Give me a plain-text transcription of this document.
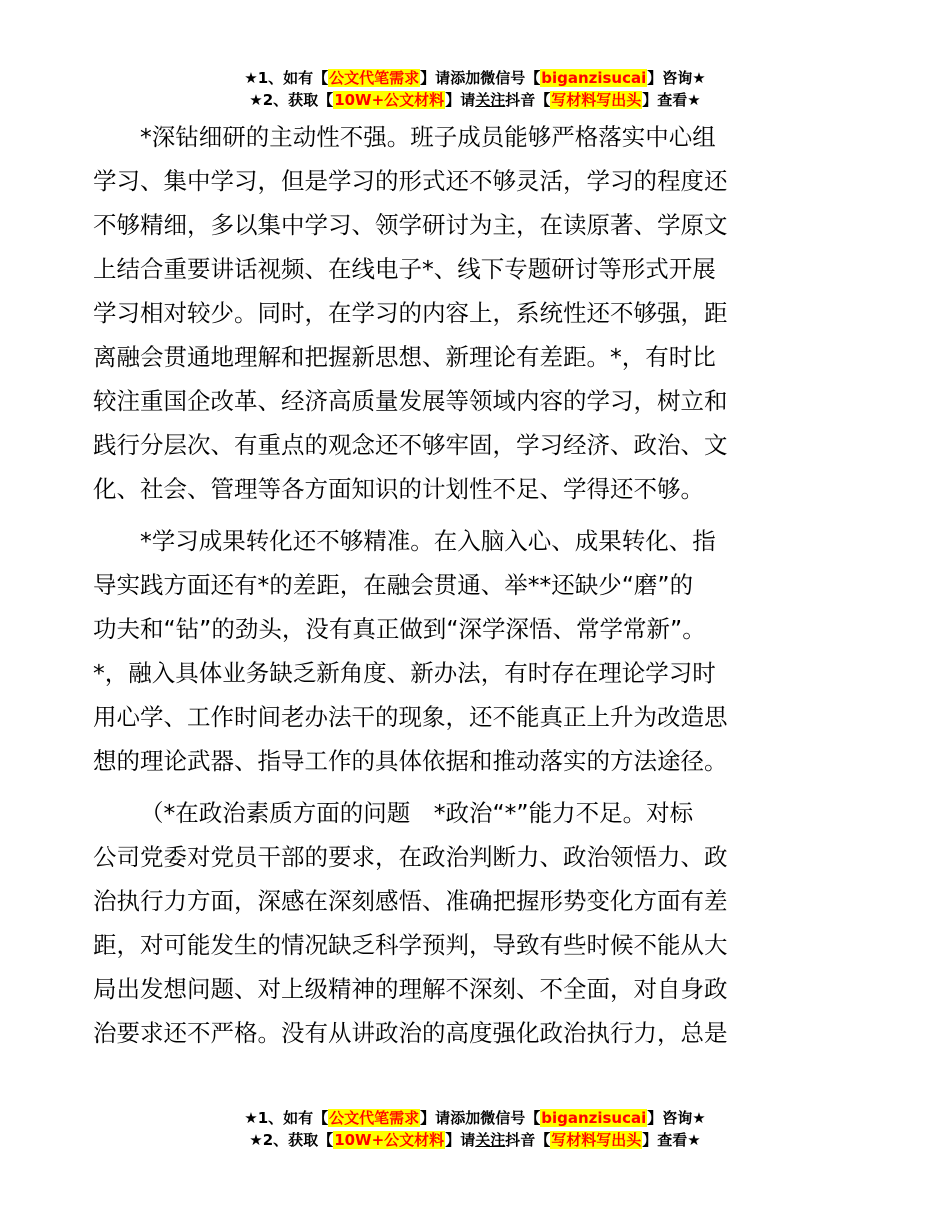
★1、如有【公文代笔需求】请添加微信号【biganzisucai】咨询★
★2、获取【10W+公文材料】请关注抖音【写材料写出头】查看★

*深钻细研的主动性不强。班子成员能够严格落实中心组
学习、集中学习，但是学习的形式还不够灵活，学习的程度还
不够精细，多以集中学习、领学研讨为主，在读原著、学原文
上结合重要讲话视频、在线电子*、线下专题研讨等形式开展
学习相对较少。同时，在学习的内容上，系统性还不够强，距
离融会贯通地理解和把握新思想、新理论有差距。*，有时比
较注重国企改革、经济高质量发展等领域内容的学习，树立和
践行分层次、有重点的观念还不够牢固，学习经济、政治、文
化、社会、管理等各方面知识的计划性不足、学得还不够。

*学习成果转化还不够精准。在入脑入心、成果转化、指
导实践方面还有*的差距，在融会贯通、举**还缺少“磨”的
功夫和“钻”的劲头，没有真正做到“深学深悟、常学常新”。
*，融入具体业务缺乏新角度、新办法，有时存在理论学习时
用心学、工作时间老办法干的现象，还不能真正上升为改造思
想的理论武器、指导工作的具体依据和推动落实的方法途径。

（*在政治素质方面的问题　*政治“*”能力不足。对标
公司党委对党员干部的要求，在政治判断力、政治领悟力、政
治执行力方面，深感在深刻感悟、准确把握形势变化方面有差
距，对可能发生的情况缺乏科学预判，导致有些时候不能从大
局出发想问题、对上级精神的理解不深刻、不全面，对自身政
治要求还不严格。没有从讲政治的高度强化政治执行力，总是

★1、如有【公文代笔需求】请添加微信号【biganzisucai】咨询★
★2、获取【10W+公文材料】请关注抖音【写材料写出头】查看★
